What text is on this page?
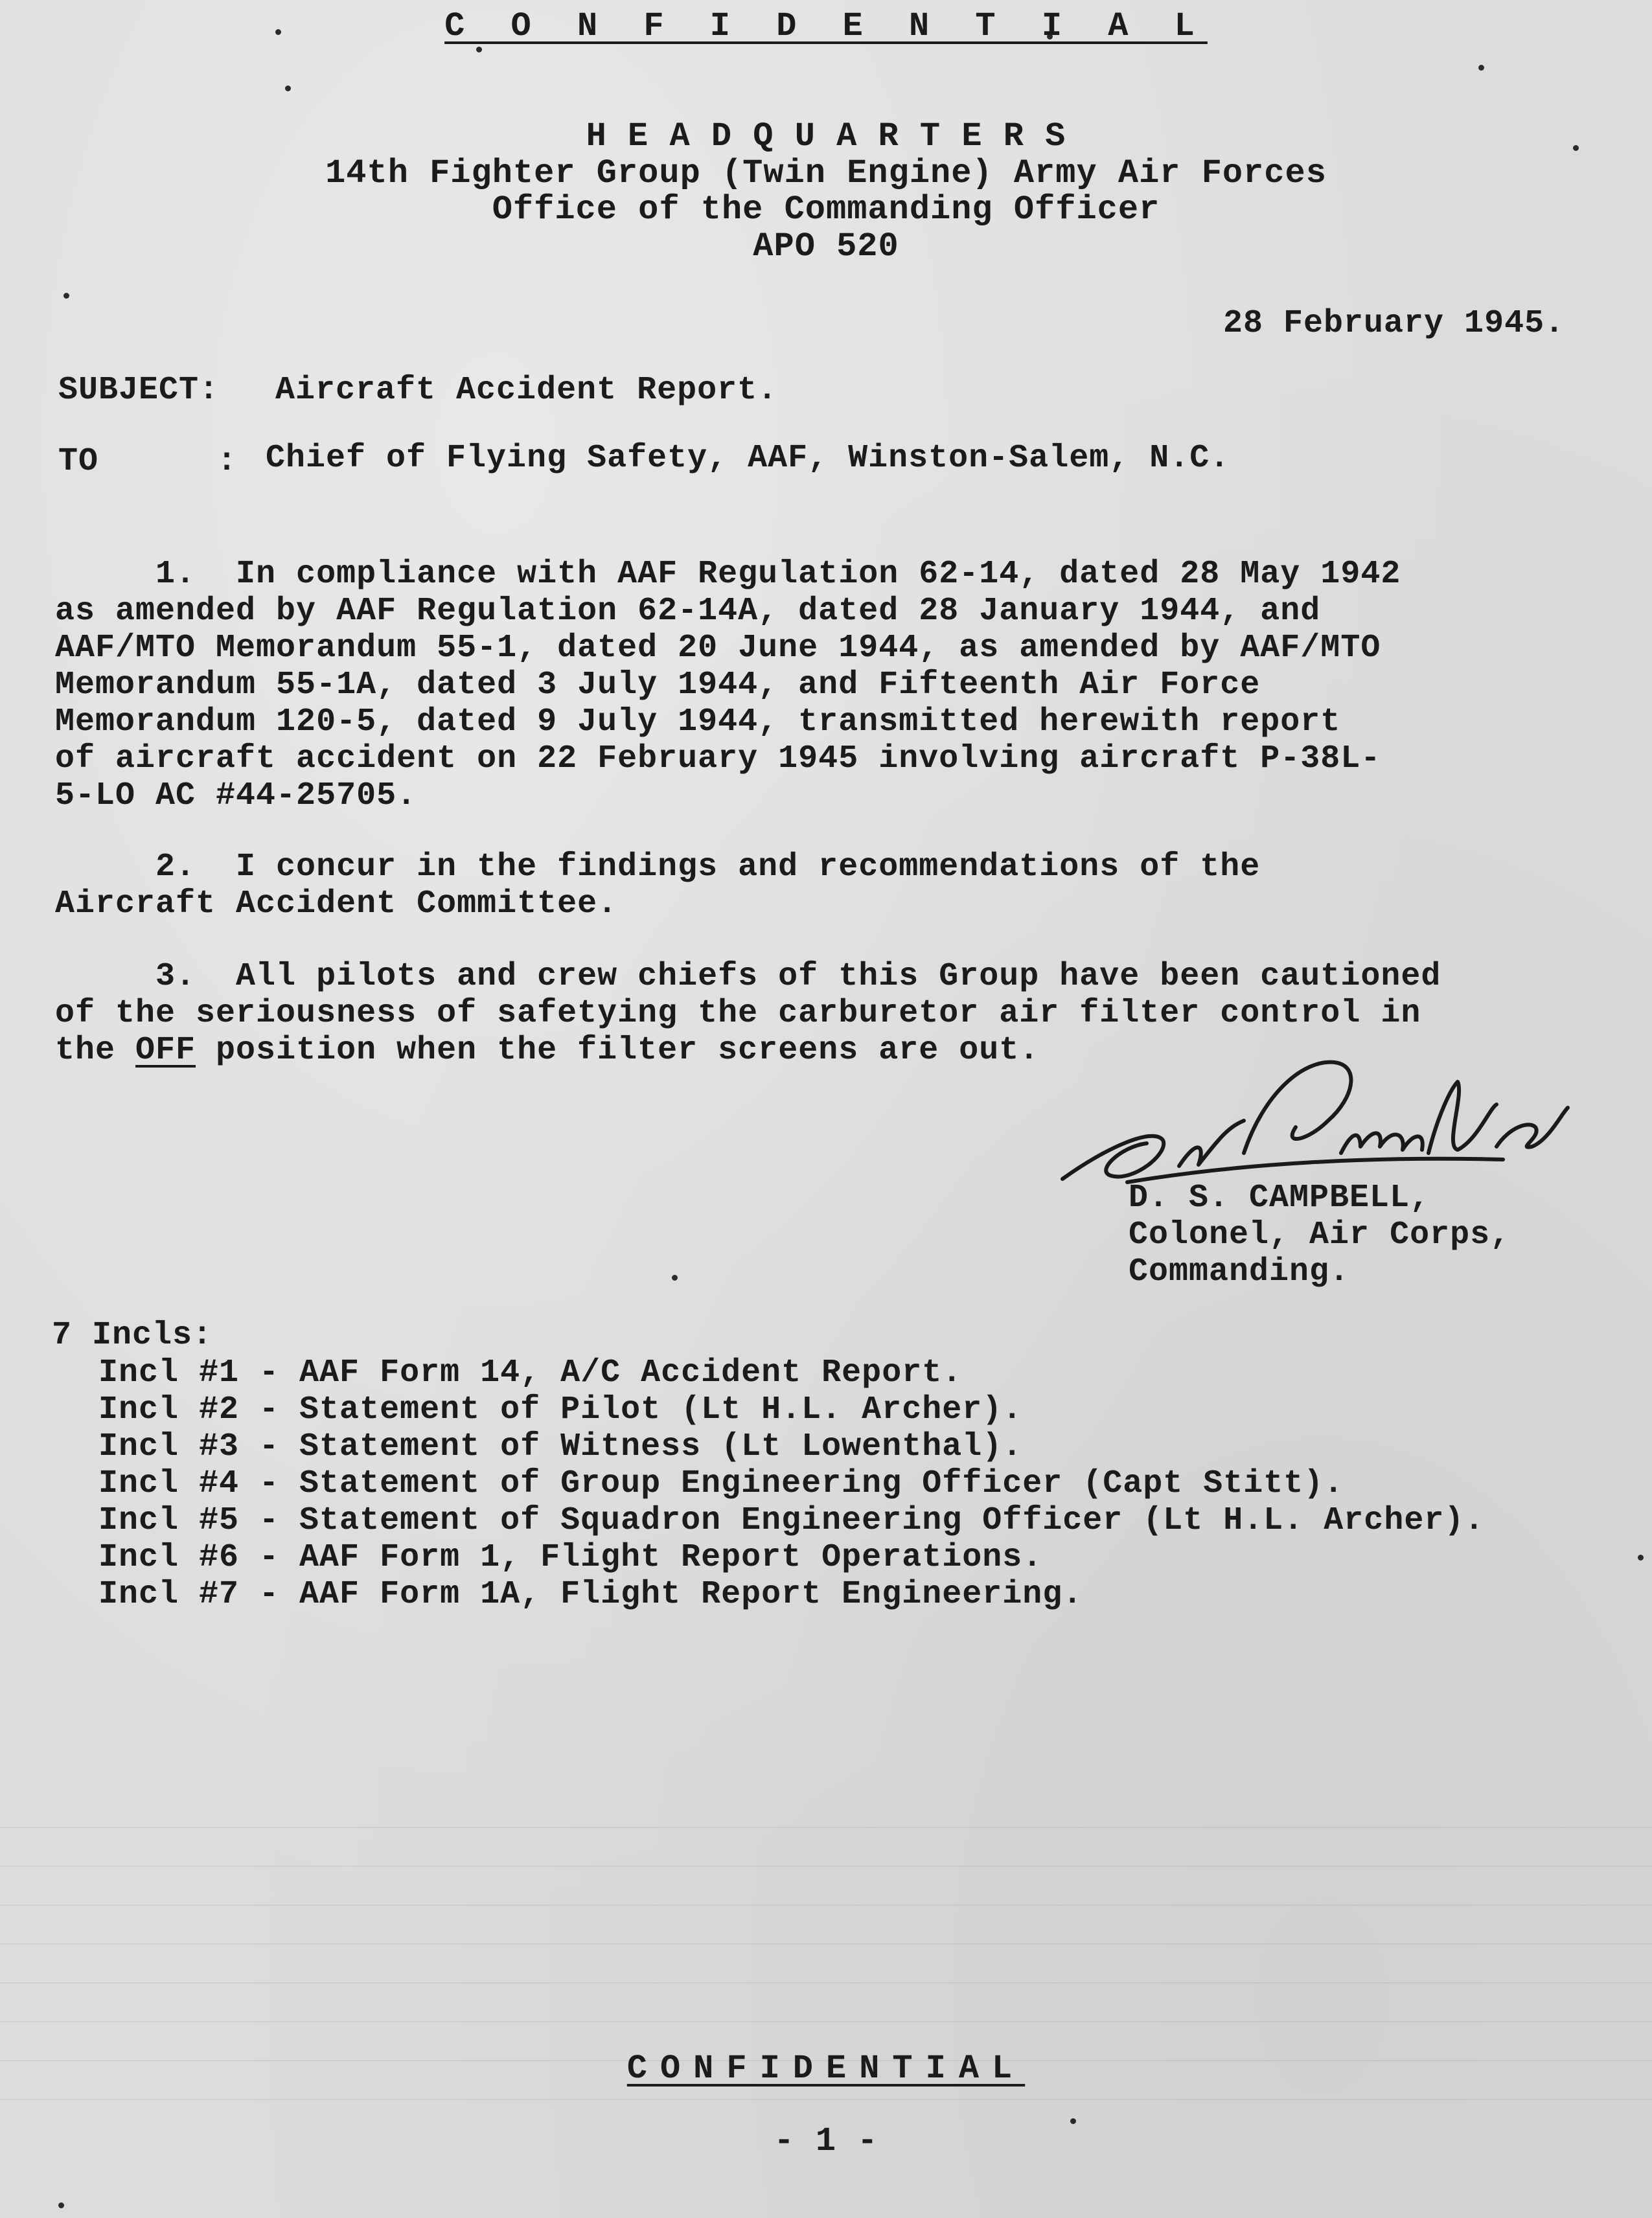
C O N F I D E N T I A L
H E A D Q U A R T E R S
14th Fighter Group (Twin Engine) Army Air Forces
Office of the Commanding Officer
APO 520
28 February 1945.
SUBJECT: Aircraft Accident Report.
TO	: Chief of Flying Safety, AAF, Winston-Salem, N.C.
1.  In compliance with AAF Regulation 62-14, dated 28 May 1942
as amended by AAF Regulation 62-14A, dated 28 January 1944, and
AAF/MTO Memorandum 55-1, dated 20 June 1944, as amended by AAF/MTO
Memorandum 55-1A, dated 3 July 1944, and Fifteenth Air Force
Memorandum 120-5, dated 9 July 1944, transmitted herewith report
of aircraft accident on 22 February 1945 involving aircraft P-38L-
5-LO AC #44-25705.
2.  I concur in the findings and recommendations of the
Aircraft Accident Committee.
3.  All pilots and crew chiefs of this Group have been cautioned
of the seriousness of safetying the carburetor air filter control in
the OFF position when the filter screens are out.
D. S. CAMPBELL,
Colonel, Air Corps,
Commanding.
7 Incls:
Incl #1 - AAF Form 14, A/C Accident Report.
Incl #2 - Statement of Pilot (Lt H.L. Archer).
Incl #3 - Statement of Witness (Lt Lowenthal).
Incl #4 - Statement of Group Engineering Officer (Capt Stitt).
Incl #5 - Statement of Squadron Engineering Officer (Lt H.L. Archer).
Incl #6 - AAF Form 1, Flight Report Operations.
Incl #7 - AAF Form 1A, Flight Report Engineering.
CONFIDENTIAL
- 1 -
